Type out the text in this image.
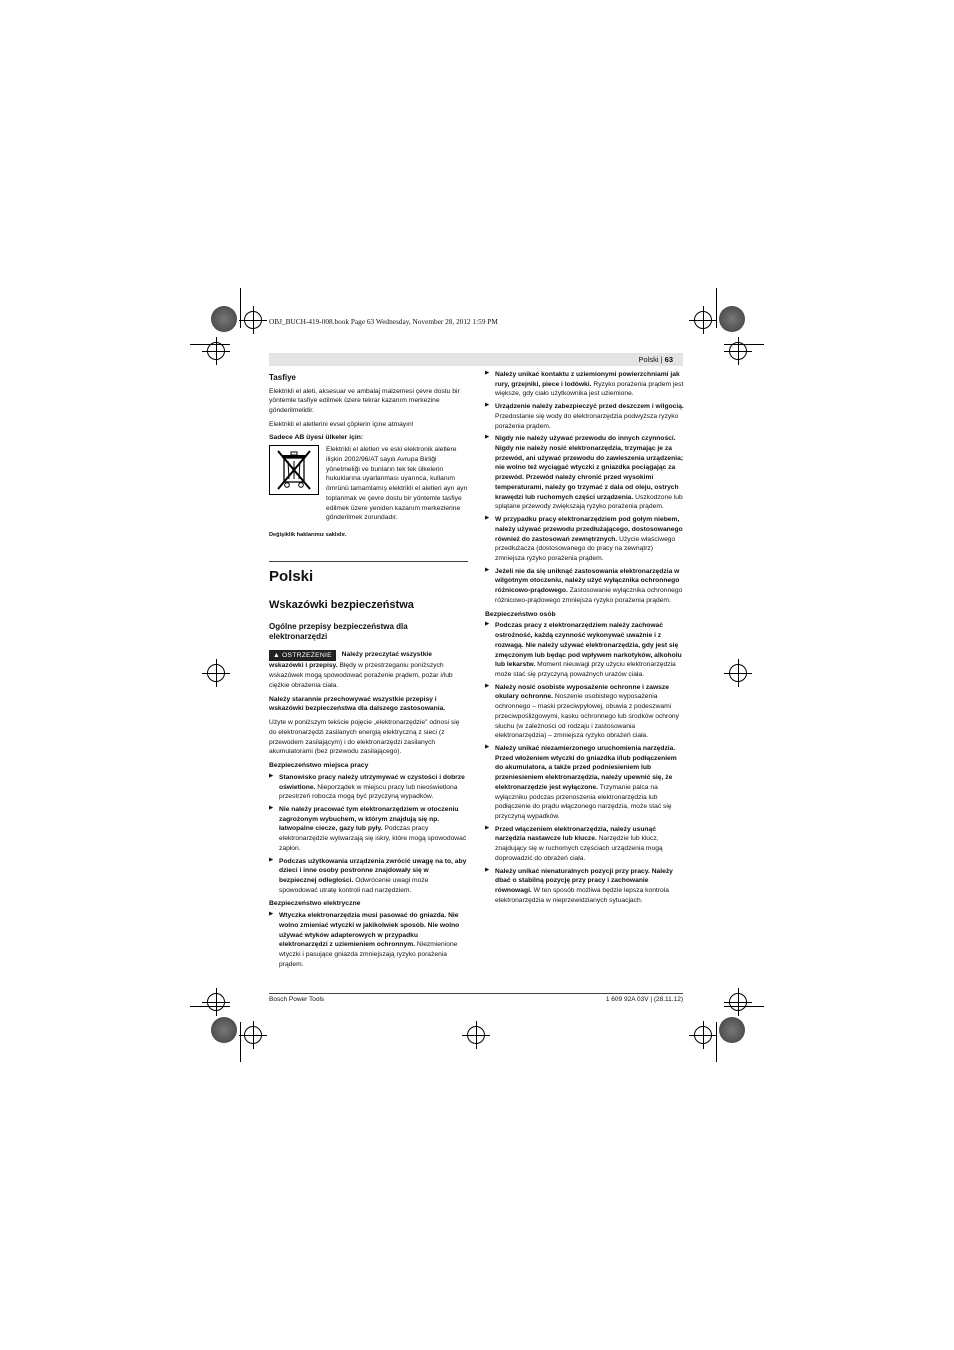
OBJ_BUCH-419-008.book Page 63 Wednesday, November 28, 2012 1:59 PM
Polski | 63
Tasfiye

Elektrikli el aleti, aksesuar ve ambalaj malzemesi çevre dostu bir yöntemle tasfiye edilmek üzere tekrar kazanım merkezine gönderilmelidir.

Elektrikli el aletlerini evsel çöplerin içine atmayın!

Sadece AB üyesi ülkeler için:

Elektrikli el aletleri ve eski elektronik aletlere ilişkin 2002/96/AT sayılı Avrupa Birliği yönetmeliği ve bunların tek tek ülkelerin hukuklarına uyarlanması uyarınca, kullanım ömrünü tamamlamış elektrikli el aletleri ayrı ayrı toplanmak ve çevre dostu bir yöntemle tasfiye edilmek üzere yeniden kazanım merkezlerine gönderilmek zorundadır.

Değişiklik haklarımız saklıdır.
Polski
Wskazówki bezpieczeństwa
Ogólne przepisy bezpieczeństwa dla elektronarzędzi

▲ OSTRZEŻENIE Należy przeczytać wszystkie wskazówki i przepisy. Błędy w przestrzeganiu poniższych wskazówek mogą spowodować porażenie prądem, pożar i/lub ciężkie obrażenia ciała.

Należy starannie przechowywać wszystkie przepisy i wskazówki bezpieczeństwa dla dalszego zastosowania.

Użyte w poniższym tekście pojęcie „elektronarzędzie" odnosi się do elektronarzędzi zasilanych energią elektryczną z sieci (z przewodem zasilającym) i do elektronarzędzi zasilanych akumulatorami (bez przewodu zasilającego).

Bezpieczeństwo miejsca pracy
▶ Stanowisko pracy należy utrzymywać w czystości i dobrze oświetlone. Nieporządek w miejscu pracy lub nieoświetlona przestrzeń robocza mogą być przyczyną wypadków.
▶ Nie należy pracować tym elektronarzędziem w otoczeniu zagrożonym wybuchem, w którym znajdują się np. łatwopalne ciecze, gazy lub pyły. Podczas pracy elektronarzędzie wytwarzają się iskry, które mogą spowodować zapłon.
▶ Podczas użytkowania urządzenia zwrócić uwagę na to, aby dzieci i inne osoby postronne znajdowały się w bezpiecznej odległości. Odwrócenie uwagi może spowodować utratę kontroli nad narzędziem.
Bezpieczeństwo elektryczne
▶ Wtyczka elektronarzędzia musi pasować do gniazda. Nie wolno zmieniać wtyczki w jakikolwiek sposób. Nie wolno używać wtyków adapterowych w przypadku elektronarzędzi z uziemieniem ochronnym. Niezmienione wtyczki i pasujące gniazda zmniejszają ryzyko porażenia prądem.
▶ Należy unikać kontaktu z uziemionymi powierzchniami jak rury, grzejniki, piece i lodówki. Ryzyko porażenia prądem jest większe, gdy ciało użytkownika jest uziemione.
▶ Urządzenie należy zabezpieczyć przed deszczem i wilgocią. Przedostanie się wody do elektronarzędzia podwyższa ryzyko porażenia prądem.
▶ Nigdy nie należy używać przewodu do innych czynności. Nigdy nie należy nosić elektronarzędzia, trzymając je za przewód, ani używać przewodu do zawieszenia urządzenia; nie wolno też wyciągać wtyczki z gniazdka pociągając za przewód. Przewód należy chronić przed wysokimi temperaturami, należy go trzymać z dala od oleju, ostrych krawędzi lub ruchomych części urządzenia. Uszkodzone lub splątane przewody zwiększają ryzyko porażenia prądem.
▶ W przypadku pracy elektronarzędziem pod gołym niebem, należy używać przewodu przedłużającego, dostosowanego również do zastosowań zewnętrznych. Użycie właściwego przedłużacza (dostosowanego do pracy na zewnątrz) zmniejsza ryzyko porażenia prądem.
▶ Jeżeli nie da się uniknąć zastosowania elektronarzędzia w wilgotnym otoczeniu, należy użyć wyłącznika ochronnego różnicowo-prądowego. Zastosowanie wyłącznika ochronnego różnicowo-prądowego zmniejsza ryzyko porażenia prądem.
Bezpieczeństwo osób
▶ Podczas pracy z elektronarzędziem należy zachować ostrożność, każdą czynność wykonywać uważnie i z rozwagą. Nie należy używać elektronarzędzia, gdy jest się zmęczonym lub będąc pod wpływem narkotyków, alkoholu lub lekarstw. Moment nieuwagi przy użyciu elektronarzędzia może stać się przyczyną poważnych urazów ciała.
▶ Należy nosić osobiste wyposażenie ochronne i zawsze okulary ochronne. Noszenie osobistego wyposażenia ochronnego – maski przeciwpyłowej, obuwia z podeszwami przeciwpoślizgowymi, kasku ochronnego lub środków ochrony słuchu (w zależności od rodzaju i zastosowania elektronarzędzia) – zmniejsza ryzyko obrażeń ciała.
▶ Należy unikać niezamierzonego uruchomienia narzędzia. Przed włożeniem wtyczki do gniazdka i/lub podłączeniem do akumulatora, a także przed podniesieniem lub przeniesieniem elektronarzędzia, należy upewnić się, że elektronarzędzie jest wyłączone. Trzymanie palca na wyłączniku podczas przenoszenia elektronarzędzia lub podłączenie do prądu włączonego narzędzia, może stać się przyczyną wypadków.
▶ Przed włączeniem elektronarzędzia, należy usunąć narzędzia nastawcze lub klucze. Narzędzie lub klucz, znajdujący się w ruchomych częściach urządzenia mogą doprowadzić do obrażeń ciała.
▶ Należy unikać nienaturalnych pozycji przy pracy. Należy dbać o stabilną pozycję przy pracy i zachowanie równowagi. W ten sposób możliwa będzie lepsza kontrola elektronarzędzia w nieprzewidzianych sytuacjach.
Bosch Power Tools	1 609 92A 03V | (28.11.12)
